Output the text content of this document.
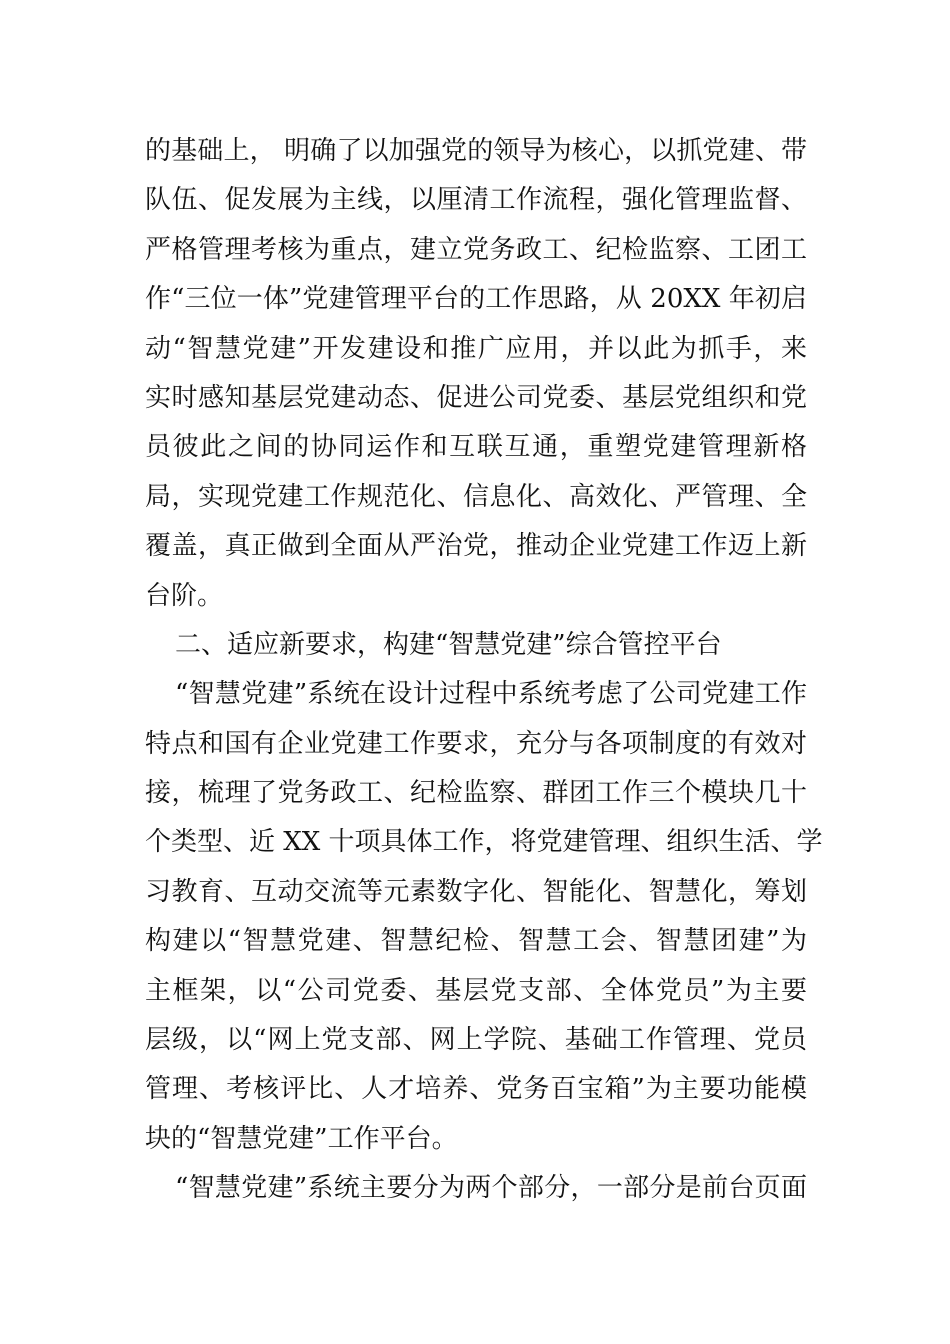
的基础上， 明确了以加强党的领导为核心，以抓党建、带
队伍、促发展为主线，以厘清工作流程，强化管理监督、
严格管理考核为重点，建立党务政工、纪检监察、工团工
作“三位一体”党建管理平台的工作思路，从 20XX 年初启
动“智慧党建”开发建设和推广应用，并以此为抓手，来
实时感知基层党建动态、促进公司党委、基层党组织和党
员彼此之间的协同运作和互联互通，重塑党建管理新格
局，实现党建工作规范化、信息化、高效化、严管理、全
覆盖，真正做到全面从严治党，推动企业党建工作迈上新
台阶。
二、适应新要求，构建“智慧党建”综合管控平台
“智慧党建”系统在设计过程中系统考虑了公司党建工作
特点和国有企业党建工作要求，充分与各项制度的有效对
接，梳理了党务政工、纪检监察、群团工作三个模块几十
个类型、近 XX 十项具体工作，将党建管理、组织生活、学
习教育、互动交流等元素数字化、智能化、智慧化，筹划
构建以“智慧党建、智慧纪检、智慧工会、智慧团建”为
主框架，以“公司党委、基层党支部、全体党员”为主要
层级，以“网上党支部、网上学院、基础工作管理、党员
管理、考核评比、人才培养、党务百宝箱”为主要功能模
块的“智慧党建”工作平台。
“智慧党建”系统主要分为两个部分，一部分是前台页面
